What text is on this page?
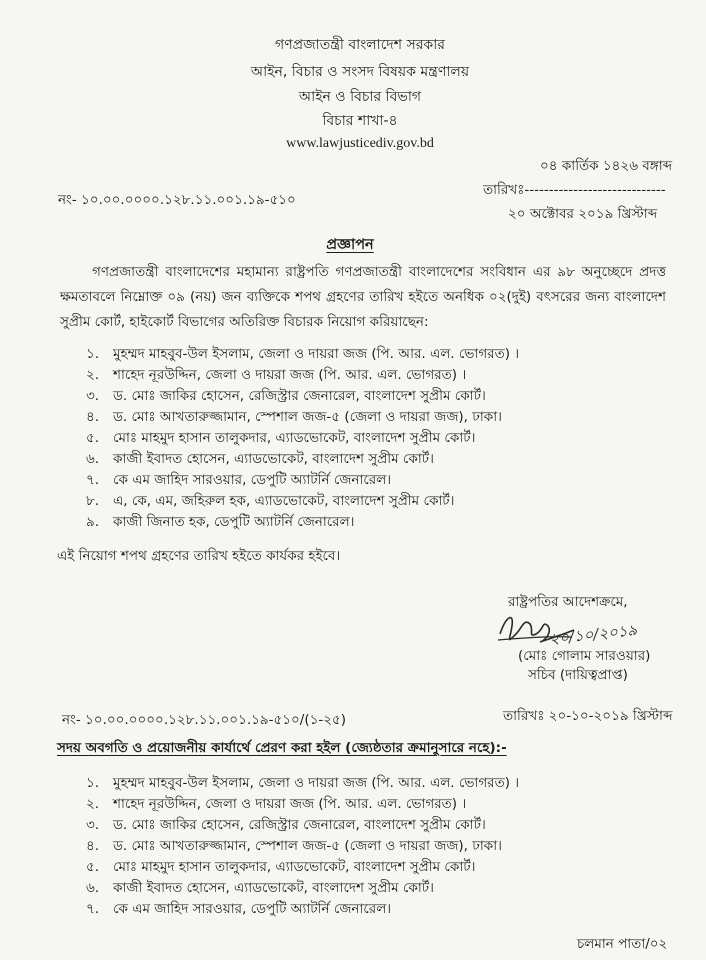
গণপ্রজাতন্ত্রী বাংলাদেশ সরকার
আইন, বিচার ও সংসদ বিষয়ক মন্ত্রণালয়
আইন ও বিচার বিভাগ
বিচার শাখা-৪
www.lawjusticediv.gov.bd
০৪ কার্তিক ১৪২৬ বঙ্গাব্দ
তারিখঃ-----------------------------
নং- ১০.০০.০০০০.১২৮.১১.০০১.১৯-৫১০
২০ অক্টোবর ২০১৯ খ্রিস্টাব্দ
প্রজ্ঞাপন
গণপ্রজাতন্ত্রী বাংলাদেশের মহামান্য রাষ্ট্রপতি গণপ্রজাতন্ত্রী বাংলাদেশের সংবিধান এর ৯৮ অনুচ্ছেদে প্রদত্ত ক্ষমতাবলে নিম্নোক্ত ০৯ (নয়) জন ব্যক্তিকে শপথ গ্রহণের তারিখ হইতে অনধিক ০২(দুই) বৎসরের জন্য বাংলাদেশ সুপ্রীম কোর্ট, হাইকোর্ট বিভাগের অতিরিক্ত বিচারক নিয়োগ করিয়াছেন:
১. মুহম্মদ মাহবুব-উল ইসলাম, জেলা ও দায়রা জজ (পি. আর. এল. ভোগরত) ।
২. শাহেদ নূরউদ্দিন, জেলা ও দায়রা জজ (পি. আর. এল. ভোগরত) ।
৩. ড. মোঃ জাকির হোসেন, রেজিস্ট্রার জেনারেল, বাংলাদেশ সুপ্রীম কোর্ট।
৪. ড. মোঃ আখতারুজ্জামান, স্পেশাল জজ-৫ (জেলা ও দায়রা জজ), ঢাকা।
৫. মোঃ মাহমুদ হাসান তালুকদার, এ্যাডভোকেট, বাংলাদেশ সুপ্রীম কোর্ট।
৬. কাজী ইবাদত হোসেন, এ্যাডভোকেট, বাংলাদেশ সুপ্রীম কোর্ট।
৭. কে এম জাহিদ সারওয়ার, ডেপুটি অ্যাটর্নি জেনারেল।
৮. এ, কে, এম, জহিরুল হক, এ্যাডভোকেট, বাংলাদেশ সুপ্রীম কোর্ট।
৯. কাজী জিনাত হক, ডেপুটি অ্যাটর্নি জেনারেল।
এই নিয়োগ শপথ গ্রহণের তারিখ হইতে কার্যকর হইবে।
রাষ্ট্রপতির আদেশক্রমে,
২০/১০/২০১৯
(মোঃ গোলাম সারওয়ার)
সচিব (দায়িত্বপ্রাপ্ত)
নং- ১০.০০.০০০০.১২৮.১১.০০১.১৯-৫১০/(১-২৫)	তারিখঃ ২০-১০-২০১৯ খ্রিস্টাব্দ
সদয় অবগতি ও প্রয়োজনীয় কার্যার্থে প্রেরণ করা হইল (জ্যেষ্ঠতার ক্রমানুসারে নহে):-
১. মুহম্মদ মাহবুব-উল ইসলাম, জেলা ও দায়রা জজ (পি. আর. এল. ভোগরত) ।
২. শাহেদ নূরউদ্দিন, জেলা ও দায়রা জজ (পি. আর. এল. ভোগরত) ।
৩. ড. মোঃ জাকির হোসেন, রেজিস্ট্রার জেনারেল, বাংলাদেশ সুপ্রীম কোর্ট।
৪. ড. মোঃ আখতারুজ্জামান, স্পেশাল জজ-৫ (জেলা ও দায়রা জজ), ঢাকা।
৫. মোঃ মাহমুদ হাসান তালুকদার, এ্যাডভোকেট, বাংলাদেশ সুপ্রীম কোর্ট।
৬. কাজী ইবাদত হোসেন, এ্যাডভোকেট, বাংলাদেশ সুপ্রীম কোর্ট।
৭. কে এম জাহিদ সারওয়ার, ডেপুটি অ্যাটর্নি জেনারেল।
চলমান পাতা/০২
